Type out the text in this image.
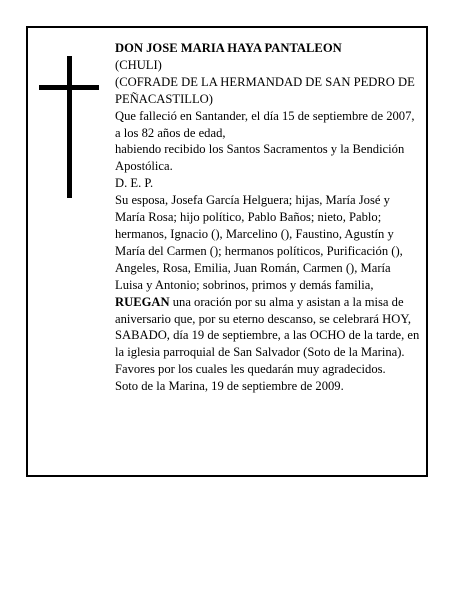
DON JOSE MARIA HAYA PANTALEON

(CHULI)

(COFRADE DE LA HERMANDAD DE SAN PEDRO DE PEÑACASTILLO)

Que falleció en Santander, el día 15 de septiembre de 2007, a los 82 años de edad,

habiendo recibido los Santos Sacramentos y la Bendición Apostólica.

D. E. P.

Su esposa, Josefa García Helguera; hijas, María José y María Rosa; hijo político, Pablo Baños; nieto, Pablo; hermanos, Ignacio (), Marcelino (), Faustino, Agustín y María del Carmen (); hermanos políticos, Purificación (), Angeles, Rosa, Emilia, Juan Román, Carmen (), María Luisa y Antonio; sobrinos, primos y demás familia,

RUEGAN una oración por su alma y asistan a la misa de aniversario que, por su eterno descanso, se celebrará HOY, SABADO, día 19 de septiembre, a las OCHO de la tarde, en la iglesia parroquial de San Salvador (Soto de la Marina). Favores por los cuales les quedarán muy agradecidos.

Soto de la Marina, 19 de septiembre de 2009.
